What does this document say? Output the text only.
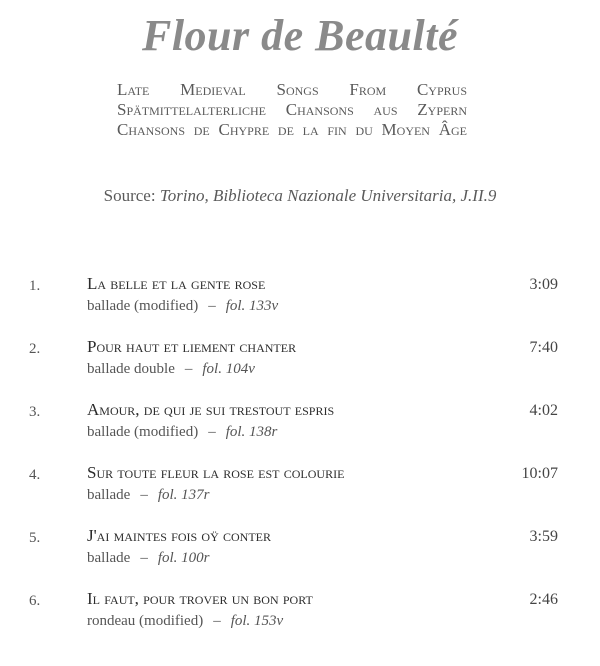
Flour de Beaulté
Late Medieval Songs From Cyprus
Spätmittelalterliche Chansons aus Zypern
Chansons de Chypre de la fin du Moyen Âge
Source: Torino, Biblioteca Nazionale Universitaria, J.II.9
1.	La belle et la gente rose
ballade (modified) – fol. 133v
3:09
2.	Pour haut et liement chanter
ballade double – fol. 104v
7:40
3.	Amour, de qui je sui trestout espris
ballade (modified) – fol. 138r
4:02
4.	Sur toute fleur la rose est colourie
ballade – fol. 137r
10:07
5.	J'ai maintes fois oÿ conter
ballade – fol. 100r
3:59
6.	Il faut, pour trover un bon port
rondeau (modified) – fol. 153v
2:46
